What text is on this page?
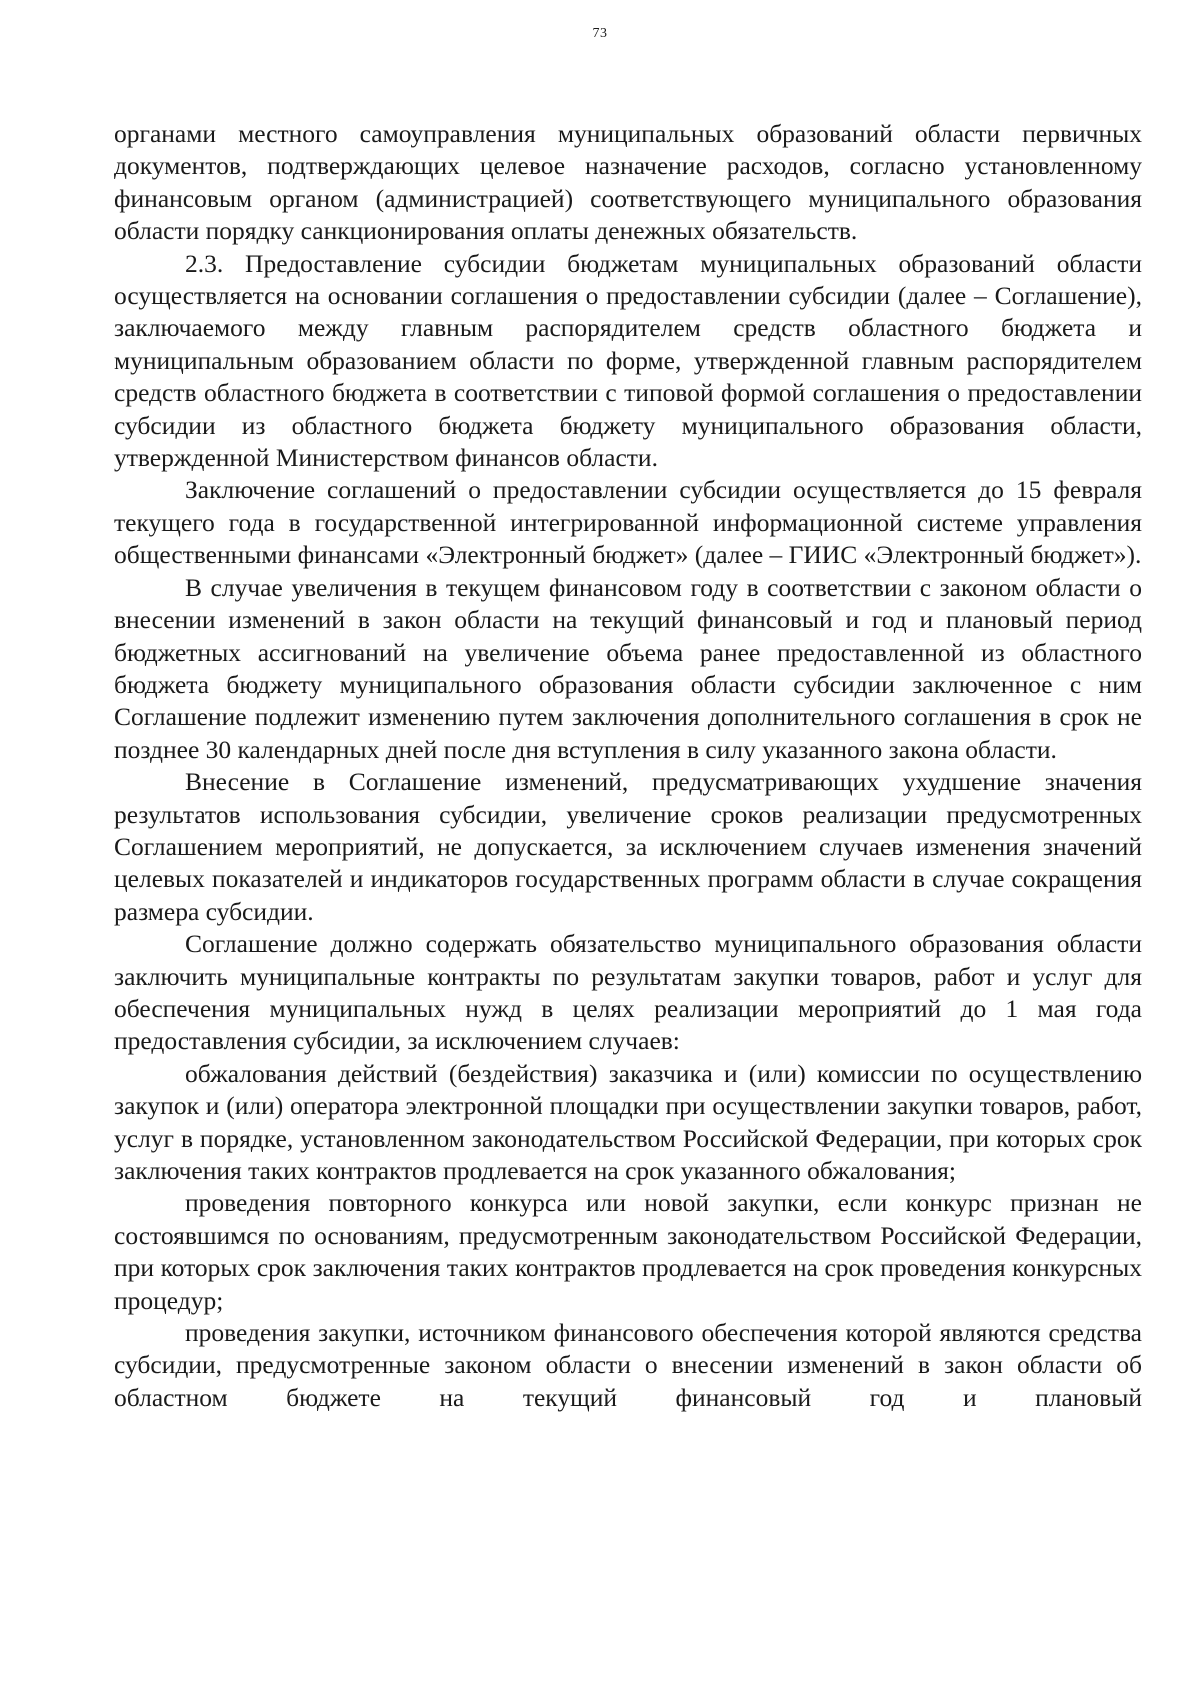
73

органами местного самоуправления муниципальных образований области первичных документов, подтверждающих целевое назначение расходов, согласно установленному финансовым органом (администрацией) соответствующего муниципального образования области порядку санкционирования оплаты денежных обязательств.

2.3. Предоставление субсидии бюджетам муниципальных образований области осуществляется на основании соглашения о предоставлении субсидии (далее – Соглашение), заключаемого между главным распорядителем средств областного бюджета и муниципальным образованием области по форме, утвержденной главным распорядителем средств областного бюджета в соответствии с типовой формой соглашения о предоставлении субсидии из областного бюджета бюджету муниципального образования области, утвержденной Министерством финансов области.

Заключение соглашений о предоставлении субсидии осуществляется до 15 февраля текущего года в государственной интегрированной информационной системе управления общественными финансами «Электронный бюджет» (далее – ГИИС «Электронный бюджет»).

В случае увеличения в текущем финансовом году в соответствии с законом области о внесении изменений в закон области на текущий финансовый и год и плановый период бюджетных ассигнований на увеличение объема ранее предоставленной из областного бюджета бюджету муниципального образования области субсидии заключенное с ним Соглашение подлежит изменению путем заключения дополнительного соглашения в срок не позднее 30 календарных дней после дня вступления в силу указанного закона области.

Внесение в Соглашение изменений, предусматривающих ухудшение значения результатов использования субсидии, увеличение сроков реализации предусмотренных Соглашением мероприятий, не допускается, за исключением случаев изменения значений целевых показателей и индикаторов государственных программ области в случае сокращения размера субсидии.

Соглашение должно содержать обязательство муниципального образования области заключить муниципальные контракты по результатам закупки товаров, работ и услуг для обеспечения муниципальных нужд в целях реализации мероприятий до 1 мая года предоставления субсидии, за исключением случаев:

обжалования действий (бездействия) заказчика и (или) комиссии по осуществлению закупок и (или) оператора электронной площадки при осуществлении закупки товаров, работ, услуг в порядке, установленном законодательством Российской Федерации, при которых срок заключения таких контрактов продлевается на срок указанного обжалования;

проведения повторного конкурса или новой закупки, если конкурс признан не состоявшимся по основаниям, предусмотренным законодательством Российской Федерации, при которых срок заключения таких контрактов продлевается на срок проведения конкурсных процедур;

проведения закупки, источником финансового обеспечения которой являются средства субсидии, предусмотренные законом области о внесении изменений в закон области об областном бюджете на текущий финансовый год и плановый
